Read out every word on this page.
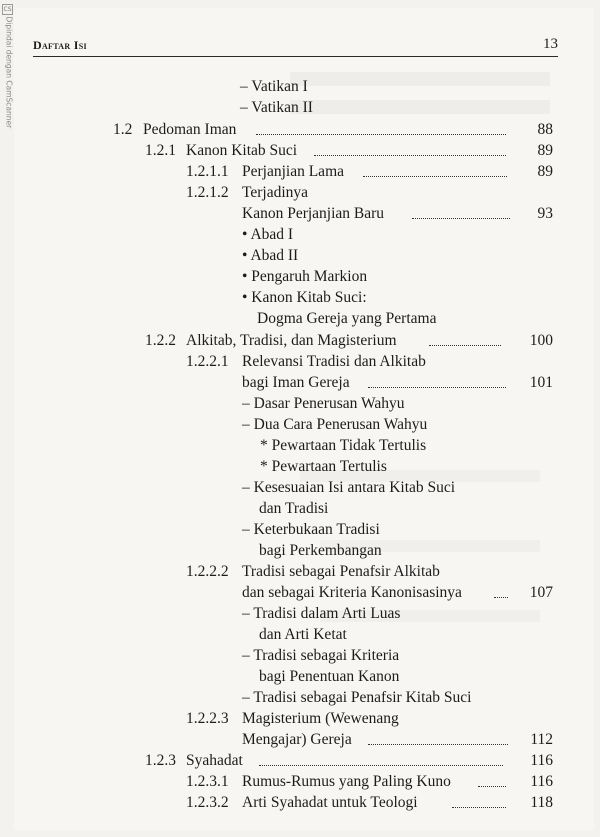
CS
Dipindai dengan CamScanner Daftar Isi	13
– Vatikan I
– Vatikan II
1.2 Pedoman Iman	88
1.2.1 Kanon Kitab Suci	89
1.2.1.1 Perjanjian Lama	89
1.2.1.2 Terjadinya
Kanon Perjanjian Baru	93
• Abad I
• Abad II
• Pengaruh Markion
• Kanon Kitab Suci:
Dogma Gereja yang Pertama
1.2.2 Alkitab, Tradisi, dan Magisterium	100
1.2.2.1 Relevansi Tradisi dan Alkitab
bagi Iman Gereja	101
– Dasar Penerusan Wahyu
– Dua Cara Penerusan Wahyu
* Pewartaan Tidak Tertulis
* Pewartaan Tertulis
– Kesesuaian Isi antara Kitab Suci
dan Tradisi
– Keterbukaan Tradisi
bagi Perkembangan
1.2.2.2 Tradisi sebagai Penafsir Alkitab
dan sebagai Kriteria Kanonisasinya	107
– Tradisi dalam Arti Luas
dan Arti Ketat
– Tradisi sebagai Kriteria
bagi Penentuan Kanon
– Tradisi sebagai Penafsir Kitab Suci
1.2.2.3 Magisterium (Wewenang
Mengajar) Gereja	112
1.2.3 Syahadat	116
1.2.3.1 Rumus-Rumus yang Paling Kuno	116
1.2.3.2 Arti Syahadat untuk Teologi	118
